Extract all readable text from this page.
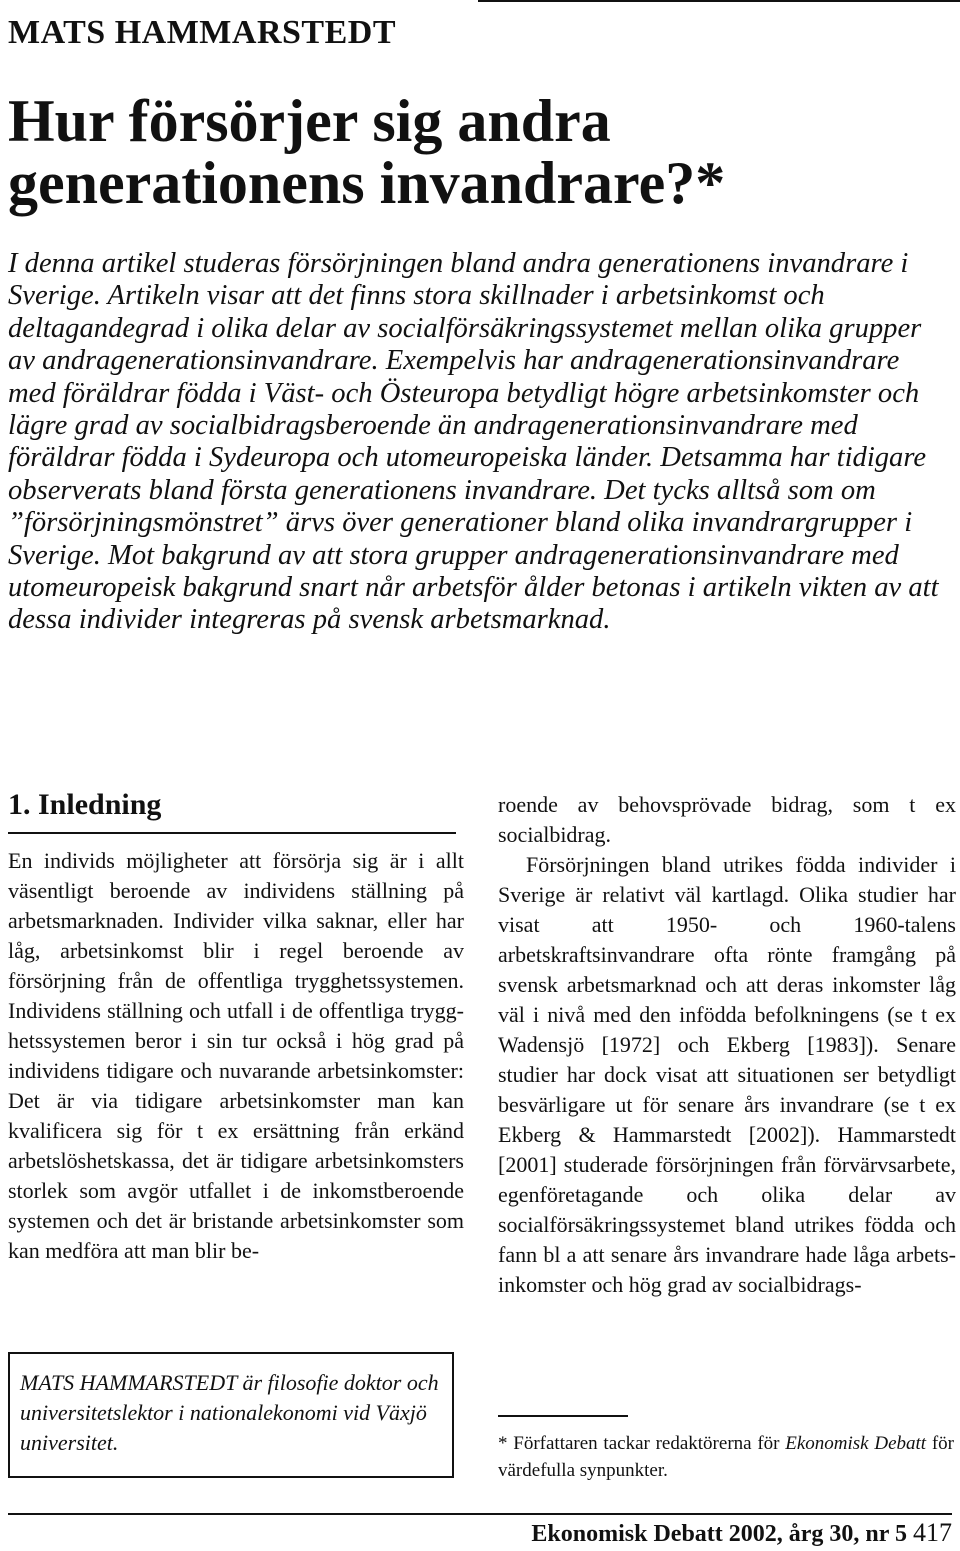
MATS HAMMARSTEDT
Hur försörjer sig andra
generationens invandrare?*

I denna artikel studeras försörjningen bland andra generationens invandrare i Sverige. Artikeln visar att det finns stora skillnader i arbetsinkomst och deltagandegrad i olika delar av socialförsäkringssystemet mellan olika grupper av andragenerationsinvandrare. Exempelvis har andragenerationsinvandrare med föräldrar födda i Väst- och Östeuropa betydligt högre arbetsinkomster och lägre grad av socialbidragsberoende än andragenerationsinvandrare med föräldrar födda i Sydeuropa och utomeuropeiska länder. Detsamma har tidigare observerats bland första generationens invandrare. Det tycks alltså som om ”försörjningsmönstret” ärvs över generationer bland olika invandrargrupper i Sverige. Mot bakgrund av att stora grupper andragenerationsinvandrare med utomeuropeisk bakgrund snart når arbetsför ålder betonas i artikeln vikten av att dessa individer integreras på svensk arbetsmarknad.

1. Inledning

En individs möjligheter att försörja sig är i allt väsentligt beroende av individens ställning på arbetsmarknaden. Individer vilka saknar, eller har låg, arbetsinkomst blir i regel beroende av försörjning från de offentliga trygghetssystemen. Individens ställning och utfall i de offentliga trygghetssystemen beror i sin tur också i hög grad på individens tidigare och nuvarande arbetsinkomster: Det är via tidigare arbetsinkomster man kan kvalificera sig för t ex ersättning från erkänd arbetslöshetskassa, det är tidigare arbetsinkomsters storlek som avgör utfallet i de inkomstberoende systemen och det är bristande arbetsinkomster som kan medföra att man blir be-

roende av behovsprövade bidrag, som t ex socialbidrag.

Försörjningen bland utrikes födda individer i Sverige är relativt väl kartlagd. Olika studier har visat att 1950- och 1960-talens arbetskraftsinvandrare ofta rönte framgång på svensk arbetsmarknad och att deras inkomster låg väl i nivå med den infödda befolkningens (se t ex Wadensjö [1972] och Ekberg [1983]). Senare studier har dock visat att situationen ser betydligt besvärligare ut för senare års invandrare (se t ex Ekberg & Hammarstedt [2002]). Hammarstedt [2001] studerade försörjningen från förvärvsarbete, egenföretagande och olika delar av socialförsäkringssystemet bland utrikes födda och fann bl a att senare års invandrare hade låga arbetsinkomster och hög grad av socialbidrags-

MATS HAMMARSTEDT är filosofie doktor och universitetslektor i nationalekonomi vid Växjö universitet.	* Författaren tackar redaktörerna för Ekonomisk Debatt för värdefulla synpunkter.

Ekonomisk Debatt 2002, årg 30, nr 5 417
